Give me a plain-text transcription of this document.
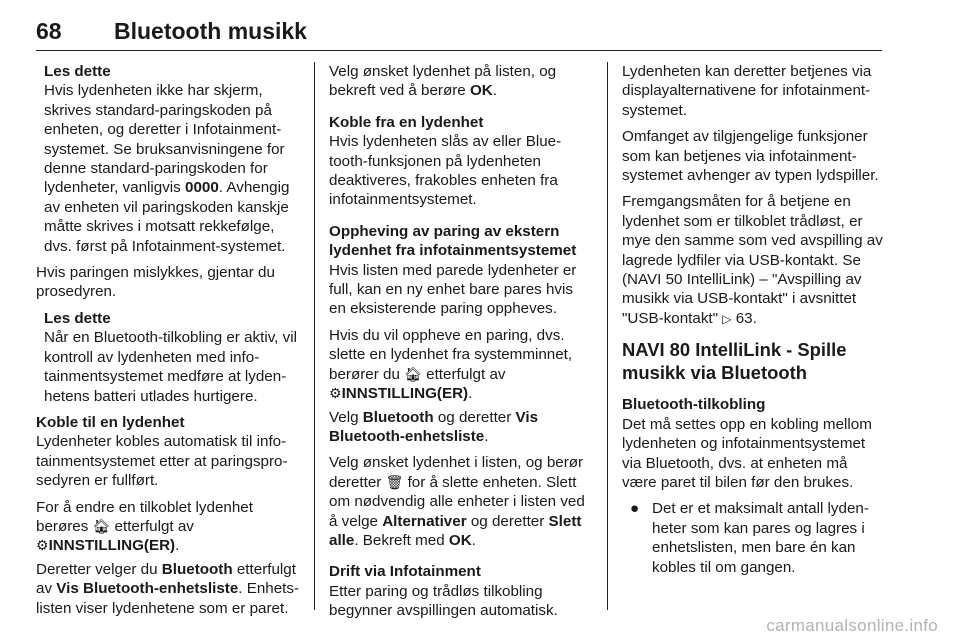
68 Bluetooth musikk
Les dette

Hvis lydenheten ikke har skjerm, skrives standard-paringskoden på enheten, og deretter i Infotainmentsystemet. Se bruksanvisningene for denne standard-paringskoden for lydenheter, vanligvis 0000. Avhengig av enheten vil paringskoden kanskje måtte skrives i motsatt rekkefølge, dvs. først på Infotainment-systemet.

Hvis paringen mislykkes, gjentar du prosedyren.

Les dette

Når en Bluetooth-tilkobling er aktiv, vil kontroll av lydenheten med infotainmentsystemet medføre at lydenhetens batteri utlades hurtigere.

Koble til en lydenhet

Lydenheter kobles automatisk til infotainmentsystemet etter at paringsprosedyren er fullført.

For å endre en tilkoblet lydenhet berøres 🏠︎ etterfulgt av
⚙INNSTILLING(ER).

Deretter velger du Bluetooth etterfulgt av Vis Bluetooth-enhetsliste. Enhetslisten viser lydenhetene som er paret.

Velg ønsket lydenhet på listen, og bekreft ved å berøre OK.

Koble fra en lydenhet

Hvis lydenheten slås av eller Bluetooth-funksjonen på lydenheten deaktiveres, frakobles enheten fra infotainmentsystemet.

Oppheving av paring av ekstern lydenhet fra infotainmentsystemet

Hvis listen med parede lydenheter er full, kan en ny enhet bare pares hvis en eksisterende paring oppheves.

Hvis du vil oppheve en paring, dvs. slette en lydenhet fra systemminnet, berører du 🏠︎ etterfulgt av
⚙INNSTILLING(ER).

Velg Bluetooth og deretter Vis Bluetooth-enhetsliste.

Velg ønsket lydenhet i listen, og berør deretter 🗑︎ for å slette enheten. Slett om nødvendig alle enheter i listen ved å velge Alternativer og deretter Slett alle. Bekreft med OK.

Drift via Infotainment

Etter paring og trådløs tilkobling begynner avspillingen automatisk.

Lydenheten kan deretter betjenes via displayalternativene for infotainmentsystemet.

Omfanget av tilgjengelige funksjoner som kan betjenes via infotainmentsystemet avhenger av typen lydspiller.

Fremgangsmåten for å betjene en lydenhet som er tilkoblet trådløst, er mye den samme som ved avspilling av lagrede lydfiler via USB-kontakt. Se (NAVI 50 IntelliLink) – "Avspilling av musikk via USB-kontakt" i avsnittet "USB-kontakt" ▷ 63.

NAVI 80 IntelliLink - Spille musikk via Bluetooth
Bluetooth-tilkobling

Det må settes opp en kobling mellom lydenheten og infotainmentsystemet via Bluetooth, dvs. at enheten må være paret til bilen før den brukes.

● Det er et maksimalt antall lydenheter som kan pares og lagres i enhetslisten, men bare én kan kobles til om gangen.
carmanualsonline.info
